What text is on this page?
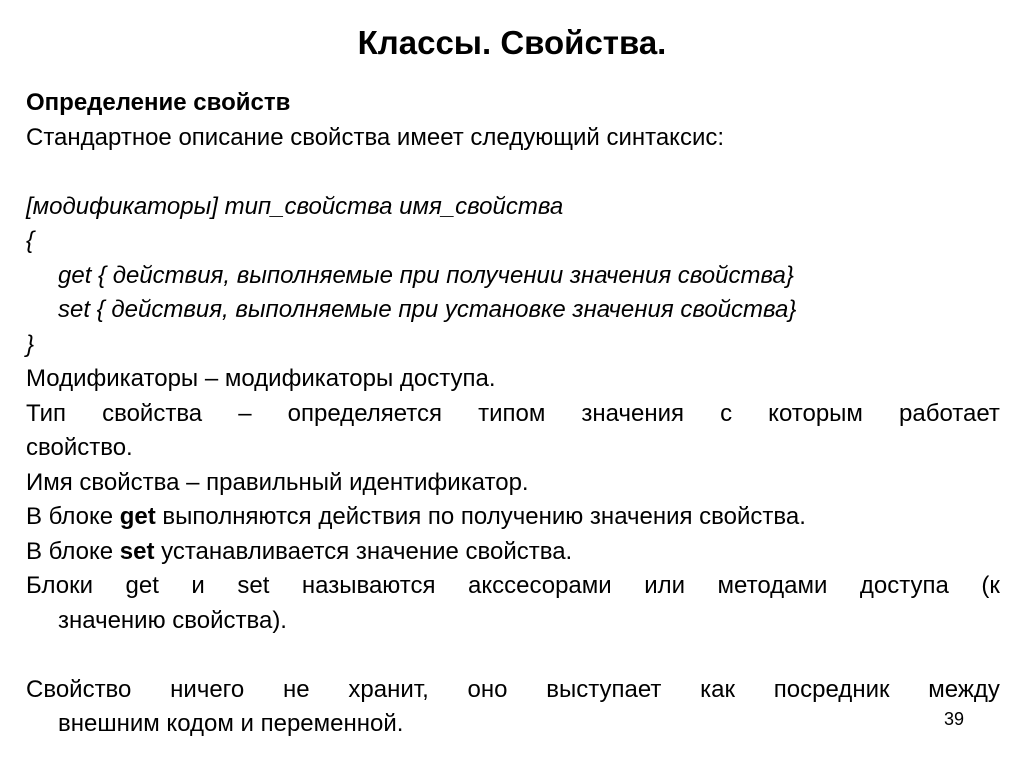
Классы. Свойства.
Определение свойств
Стандартное описание свойства имеет следующий синтаксис:
[модификаторы] тип_свойства имя_свойства
{
get { действия, выполняемые при получении значения свойства}
set { действия, выполняемые при установке значения свойства}
}
Модификаторы – модификаторы доступа.
Тип свойства – определяется типом значения с которым работает
свойство.
Имя свойства – правильный идентификатор.
В блоке get выполняются действия по получению значения свойства.
В блоке set устанавливается значение свойства.
Блоки get и set называются акссесорами или методами доступа (к
значению свойства).
Свойство ничего не хранит, оно выступает как посредник между
внешним кодом и переменной.	39
